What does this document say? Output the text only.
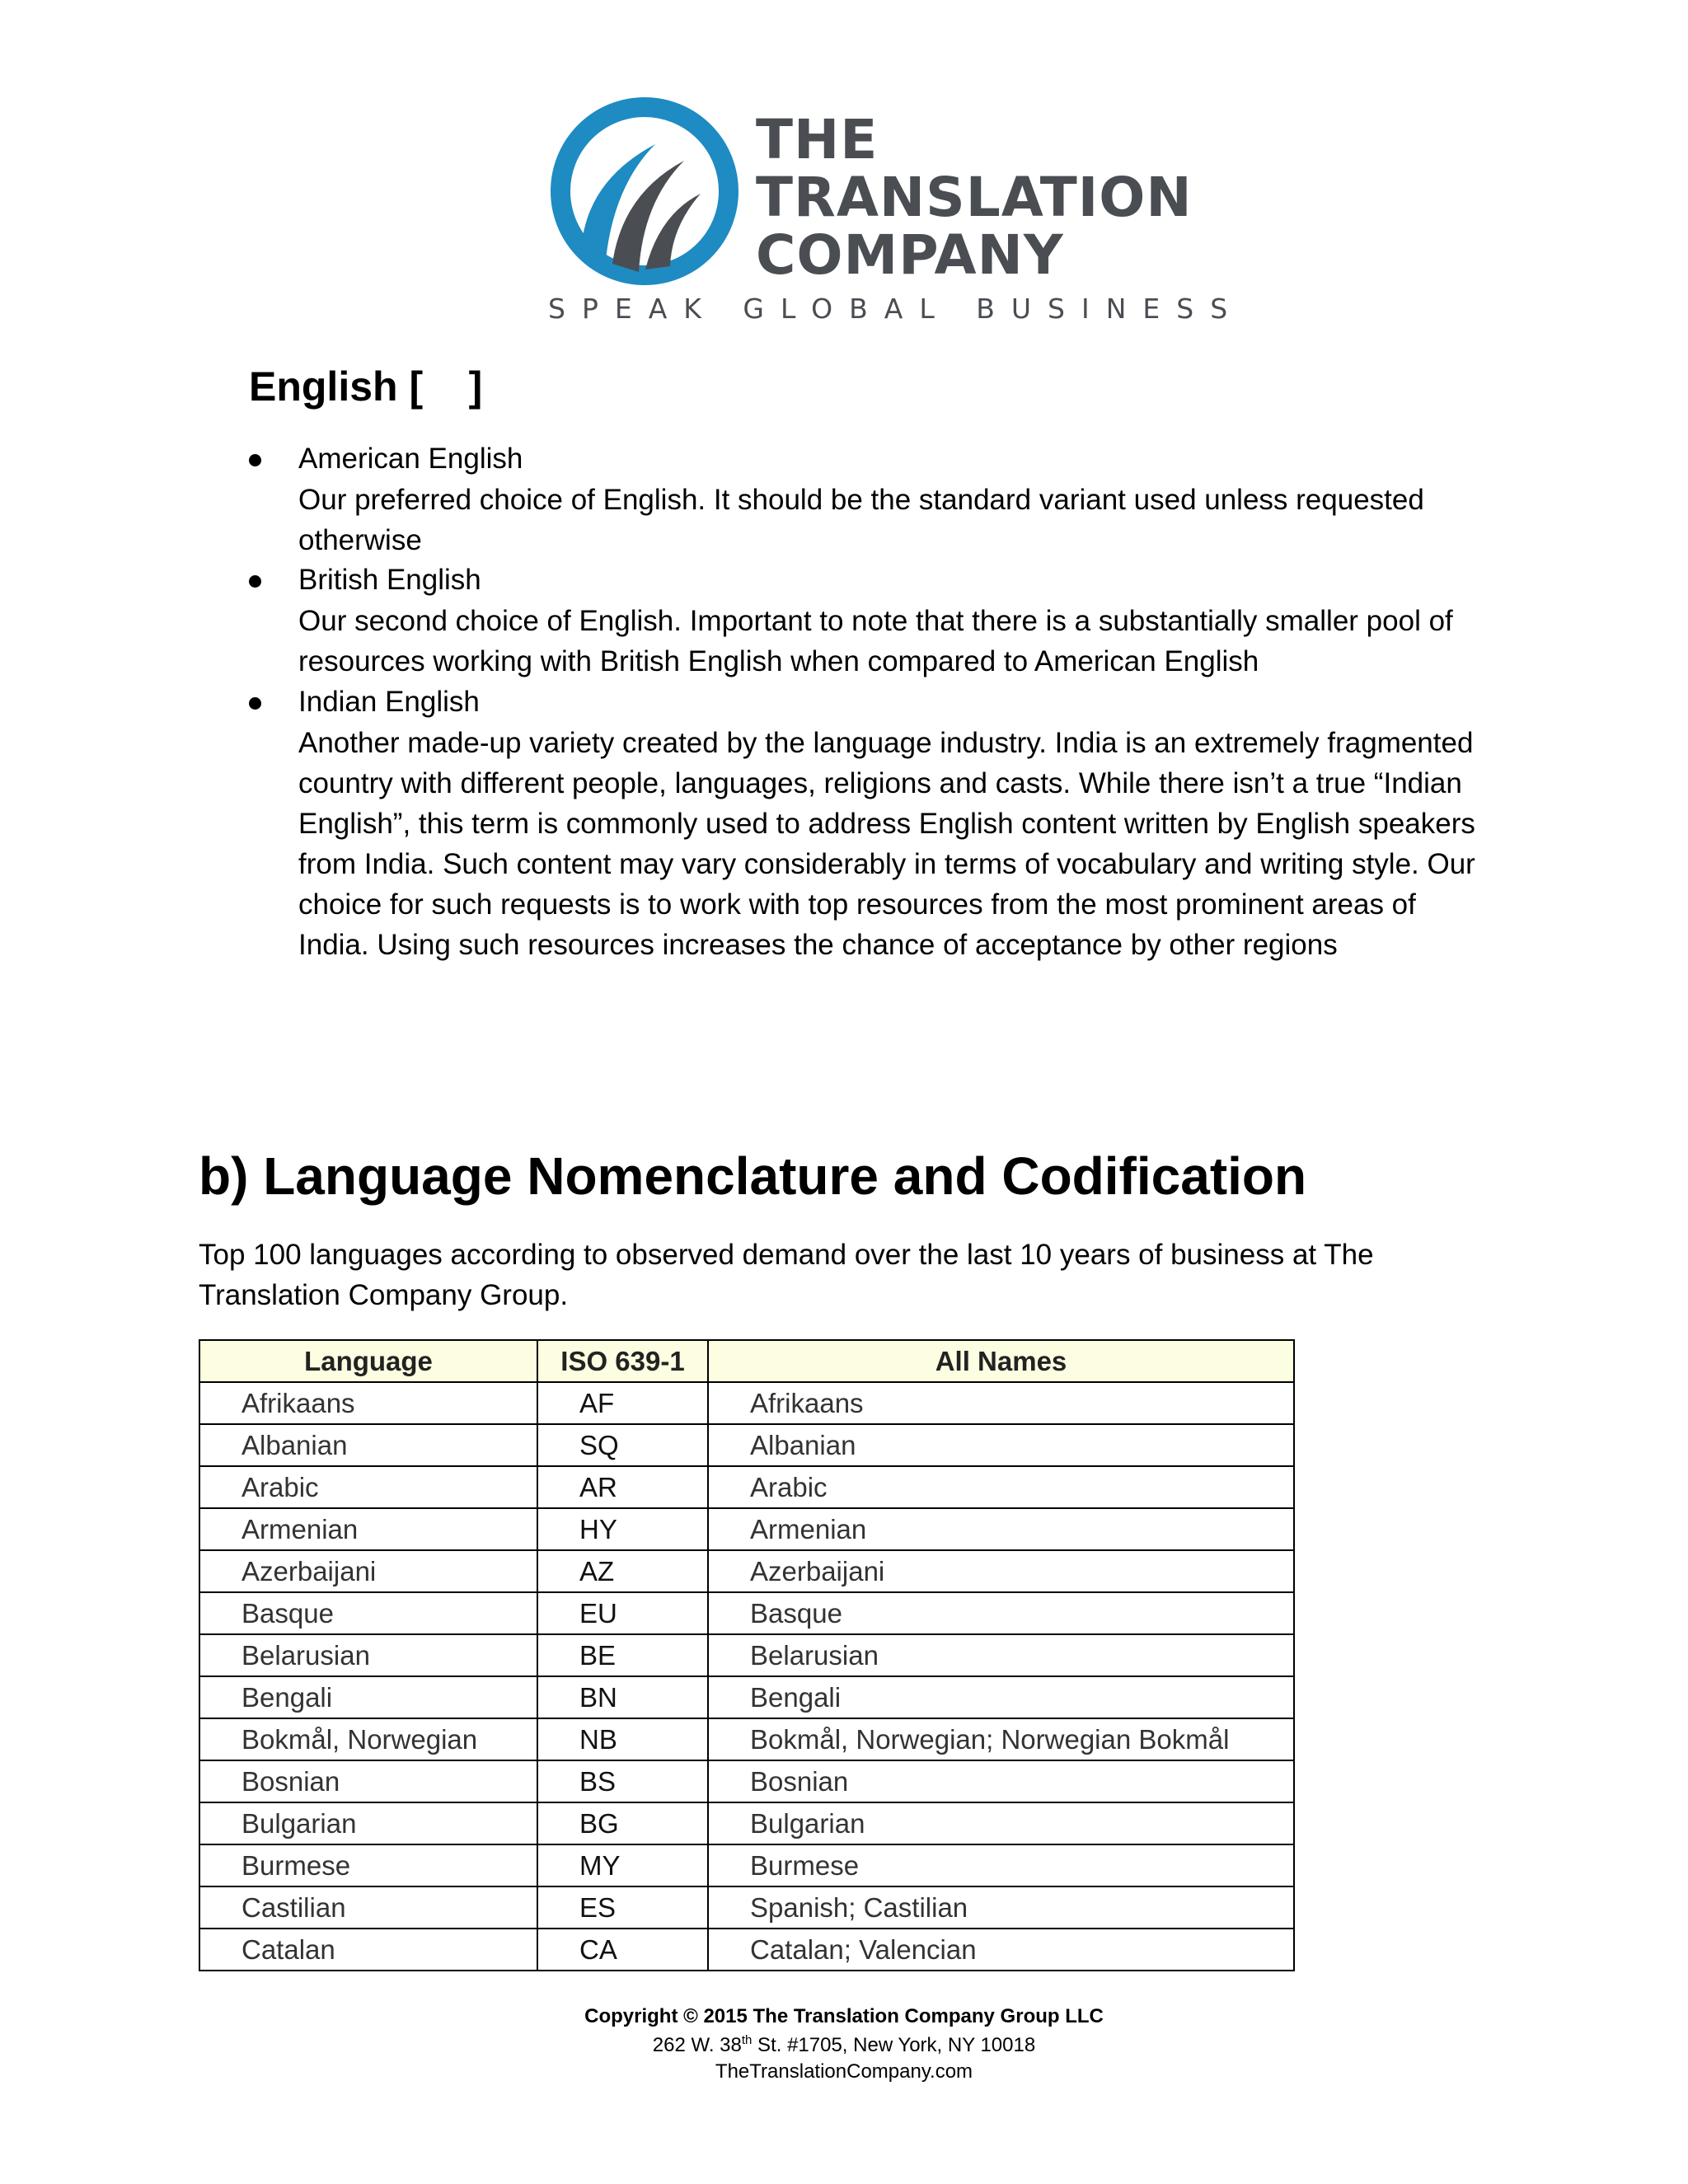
THE
TRANSLATION
COMPANY
SPEAK GLOBAL BUSINESS
English [    ]
American English
Our preferred choice of English. It should be the standard variant used unless requested otherwise
British English
Our second choice of English. Important to note that there is a substantially smaller pool of resources working with British English when compared to American English
Indian English
Another made-up variety created by the language industry. India is an extremely fragmented country with different people, languages, religions and casts. While there isn’t a true “Indian English”, this term is commonly used to address English content written by English speakers from India. Such content may vary considerably in terms of vocabulary and writing style. Our choice for such requests is to work with top resources from the most prominent areas of India. Using such resources increases the chance of acceptance by other regions
b) Language Nomenclature and Codification
Top 100 languages according to observed demand over the last 10 years of business at The Translation Company Group.
Language	ISO 639-1	All Names
Afrikaans	AF	Afrikaans
Albanian	SQ	Albanian
Arabic	AR	Arabic
Armenian	HY	Armenian
Azerbaijani	AZ	Azerbaijani
Basque	EU	Basque
Belarusian	BE	Belarusian
Bengali	BN	Bengali
Bokmål, Norwegian	NB	Bokmål, Norwegian; Norwegian Bokmål
Bosnian	BS	Bosnian
Bulgarian	BG	Bulgarian
Burmese	MY	Burmese
Castilian	ES	Spanish; Castilian
Catalan	CA	Catalan; Valencian
Copyright © 2015 The Translation Company Group LLC
262 W. 38th St. #1705, New York, NY 10018
TheTranslationCompany.com
